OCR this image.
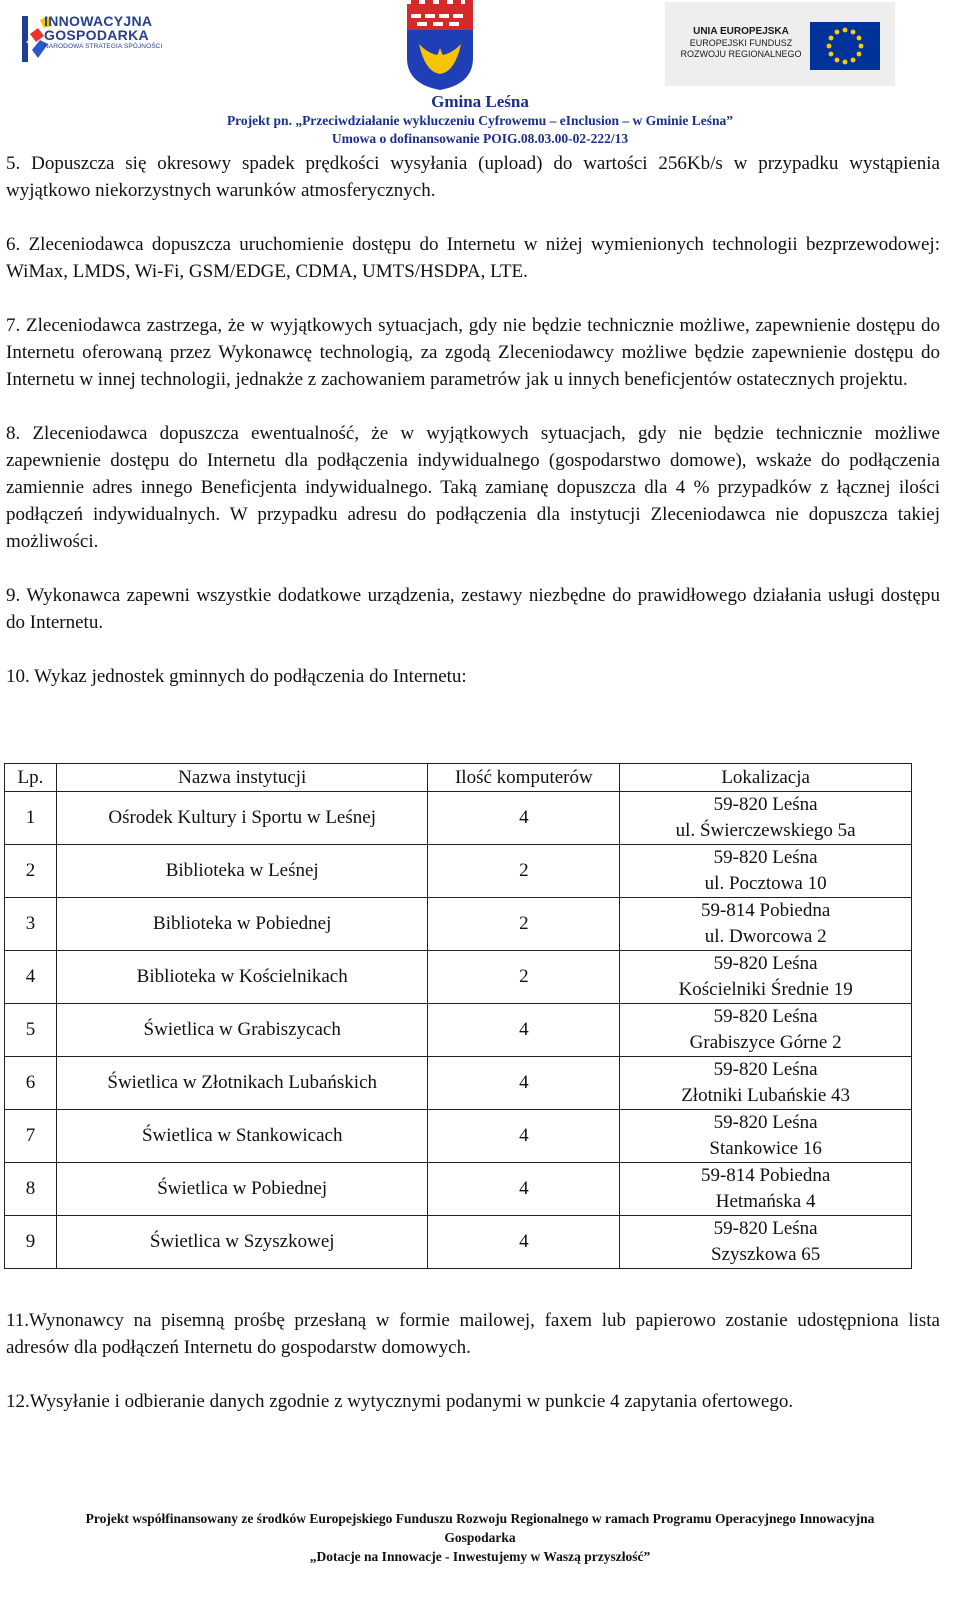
INNOWACYJNA
GOSPODARKA
NARODOWA STRATEGIA SPÓJNOŚCI
UNIA EUROPEJSKA
EUROPEJSKI FUNDUSZ
ROZWOJU REGIONALNEGO
Gmina Leśna
Projekt pn. „Przeciwdziałanie wykluczeniu Cyfrowemu – eInclusion – w Gminie Leśna”
Umowa o dofinansowanie POIG.08.03.00-02-222/13

5. Dopuszcza się okresowy spadek prędkości wysyłania (upload) do wartości 256Kb/s w przypadku wystąpienia wyjątkowo niekorzystnych warunków atmosferycznych.

6. Zleceniodawca dopuszcza uruchomienie dostępu do Internetu w niżej wymienionych technologii bezprzewodowej: WiMax, LMDS, Wi-Fi, GSM/EDGE, CDMA, UMTS/HSDPA, LTE.

7. Zleceniodawca zastrzega, że w wyjątkowych sytuacjach, gdy nie będzie technicznie możliwe, zapewnienie dostępu do Internetu oferowaną przez Wykonawcę technologią, za zgodą Zleceniodawcy możliwe będzie zapewnienie dostępu do Internetu w innej technologii, jednakże z zachowaniem parametrów jak u innych beneficjentów ostatecznych projektu.

8. Zleceniodawca dopuszcza ewentualność, że w wyjątkowych sytuacjach, gdy nie będzie technicznie możliwe zapewnienie dostępu do Internetu dla podłączenia indywidualnego (gospodarstwo domowe), wskaże do podłączenia zamiennie adres innego Beneficjenta indywidualnego. Taką zamianę dopuszcza dla 4 % przypadków z łącznej ilości podłączeń indywidualnych. W przypadku adresu do podłączenia dla instytucji Zleceniodawca nie dopuszcza takiej możliwości.

9. Wykonawca zapewni wszystkie dodatkowe urządzenia, zestawy niezbędne do prawidłowego działania usługi dostępu do Internetu.

10. Wykaz jednostek gminnych do podłączenia do Internetu:

Lp.	Nazwa instytucji	Ilość komputerów	Lokalizacja
1	Ośrodek Kultury i Sportu w Leśnej	4	59-820 Leśna
ul. Świerczewskiego 5a

2	Biblioteka w Leśnej	2	59-820 Leśna
ul. Pocztowa 10

3	Biblioteka w Pobiednej	2	59-814 Pobiedna
ul. Dworcowa 2

4	Biblioteka w Kościelnikach	2	59-820 Leśna
Kościelniki Średnie 19

5	Świetlica w Grabiszycach	4	59-820 Leśna
Grabiszyce Górne 2

6	Świetlica w Złotnikach Lubańskich	4	59-820 Leśna
Złotniki Lubańskie 43

7	Świetlica w Stankowicach	4	59-820 Leśna
Stankowice 16

8	Świetlica w Pobiednej	4	59-814 Pobiedna
Hetmańska 4

9	Świetlica w Szyszkowej	4	59-820 Leśna
Szyszkowa 65

11.Wynonawcy na pisemną prośbę przesłaną w formie mailowej, faxem lub papierowo zostanie udostępniona lista adresów dla podłączeń Internetu do gospodarstw domowych.

12.Wysyłanie i odbieranie danych zgodnie z wytycznymi podanymi w punkcie 4 zapytania ofertowego.

Projekt współfinansowany ze środków Europejskiego Funduszu Rozwoju Regionalnego w ramach Programu Operacyjnego Innowacyjna
Gospodarka
„Dotacje na Innowacje - Inwestujemy w Waszą przyszłość”
